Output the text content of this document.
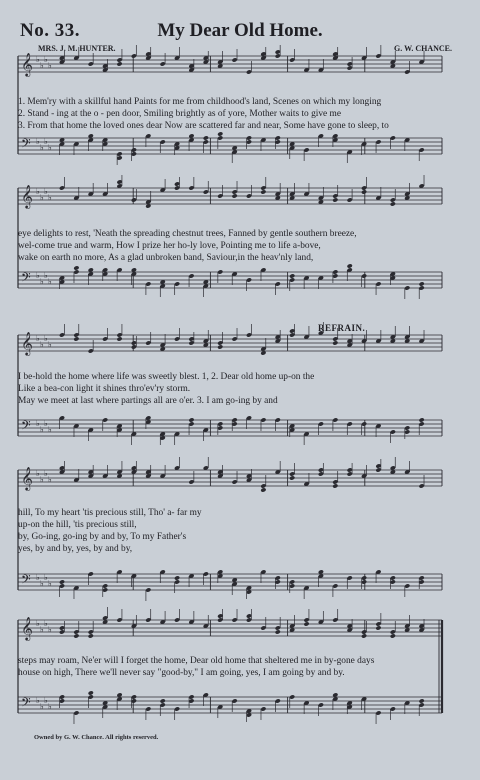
My Dear Old Home.
No. 33.
MRS. J. M. HUNTER.	G. W. CHANCE.
𝄞 ♭
♭
♭
♭
𝄢 ♭
♭
♭
♭
𝄞 ♭
♭
♭
♭
𝄢 ♭
♭
♭
♭
𝄞 ♭
♭
♭
♭
𝄢 ♭
♭
♭
♭
𝄞 ♭
♭
♭
♭
𝄢 ♭
♭
♭
♭
𝄞 ♭
♭
♭
♭
𝄢 ♭
♭
♭
♭
1. Mem'ry with a skillful hand Paints for me from childhood's land, Scenes on which my longing
2. Stand - ing at the o - pen door, Smiling brightly as of yore, Mother waits to give me
3. From that home the loved ones dear Now are scattered far and near, Some have gone to sleep, to
eye delights to rest, 'Neath the spreading chestnut trees, Fanned by gentle southern breeze,
wel-come true and warm, How I prize her ho-ly love, Pointing me to life a-bove,
wake on earth no more, As a glad unbroken band, Saviour,in the heav'nly land,
REFRAIN.
I be-hold the home where life was sweetly blest. 1, 2. Dear old home up-on the
Like a bea-con light it shines thro'ev'ry storm.
May we meet at last where partings all are o'er. 3. I am go-ing by and
hill, To my heart 'tis precious still, Tho' a- far my
up-on the hill, 'tis precious still,
by, Go-ing, go-ing by and by, To my Father's
yes, by and by, yes, by and by,
steps may roam, Ne'er will I forget the home, Dear old home that sheltered me in by-gone days
house on high, There we'll never say "good-by," I am going, yes, I am going by and by.
Owned by G. W. Chance. All rights reserved.
